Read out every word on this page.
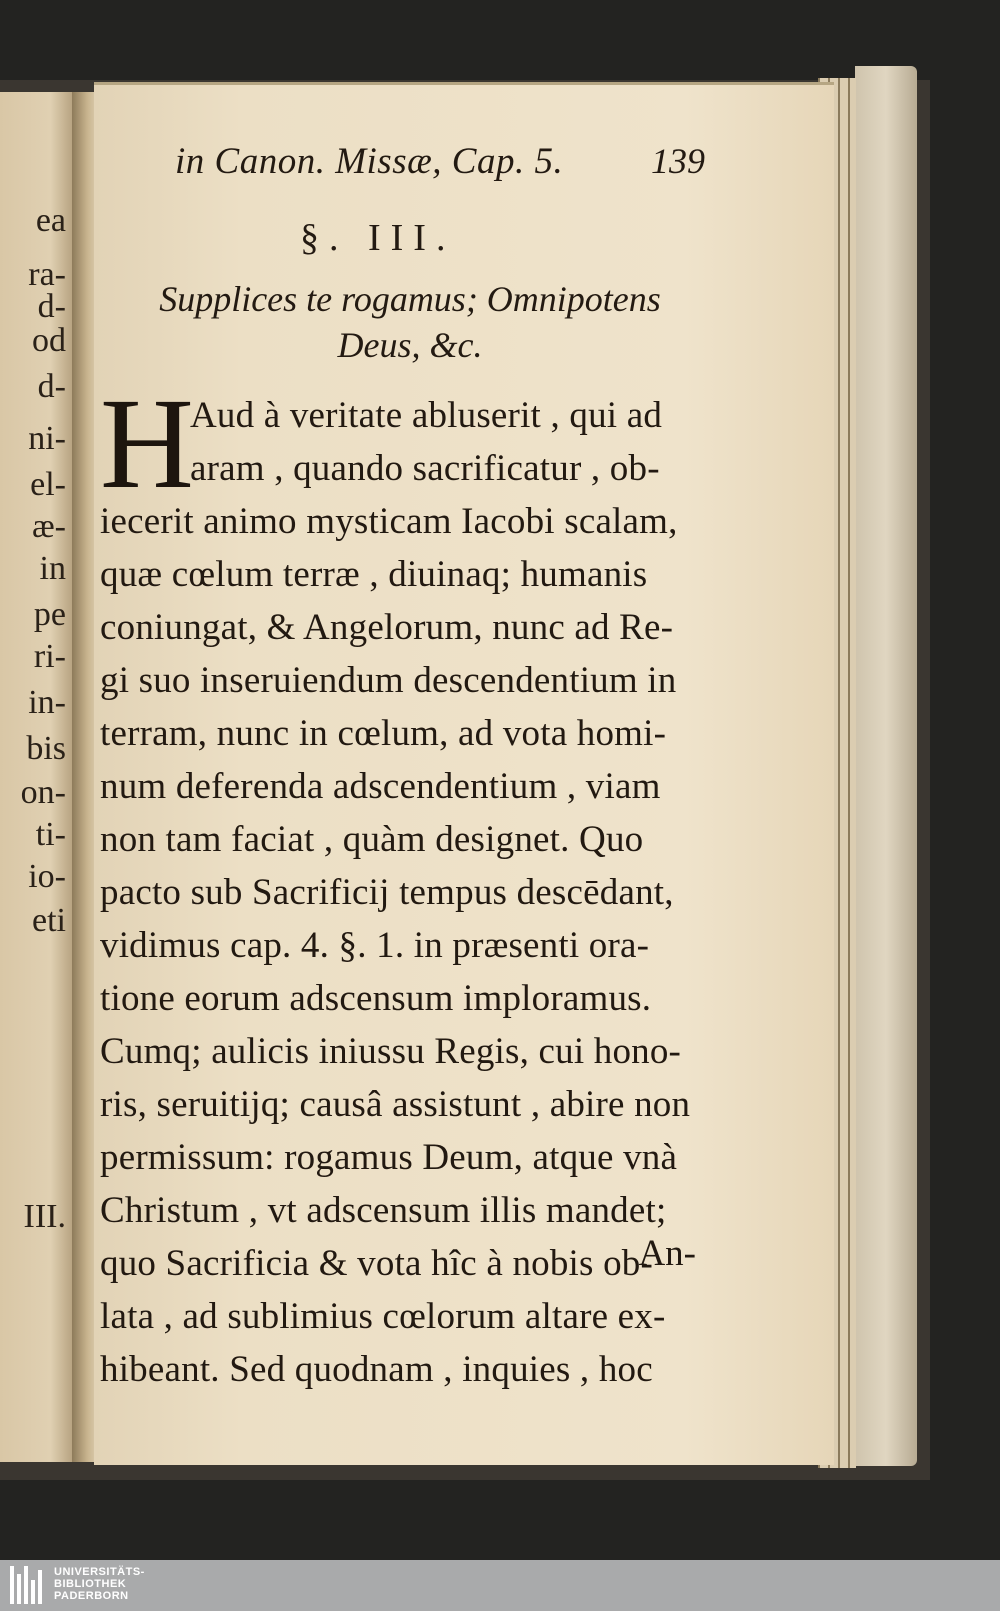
ea
ra-
d-
od
d-
ni-
el-
æ-
in
pe
ri-
in-
bis
on-
ti-
io-
eti
III.
in Canon. Missæ, Cap. 5. 139
§. III.
Supplices te rogamus; Omnipotens
Deus, &c.
H
Aud à veritate abluserit , qui ad
aram , quando sacrificatur , ob-
iecerit animo mysticam Iacobi scalam,
quæ cœlum terræ , diuinaq; humanis
coniungat, & Angelorum, nunc ad Re-
gi suo inseruiendum descendentium in
terram, nunc in cœlum, ad vota homi-
num deferenda adscendentium , viam
non tam faciat , quàm designet. Quo
pacto sub Sacrificij tempus descēdant,
vidimus cap. 4. §. 1. in præsenti ora-
tione eorum adscensum imploramus.
Cumq; aulicis iniussu Regis, cui hono-
ris, seruitijq; causâ assistunt , abire non
permissum: rogamus Deum, atque vnà
Christum , vt adscensum illis mandet;
quo Sacrificia & vota hîc à nobis ob-
lata , ad sublimius cœlorum altare ex-
hibeant. Sed quodnam , inquies , hoc
An-
UNIVERSITÄTS-
BIBLIOTHEK
PADERBORN
